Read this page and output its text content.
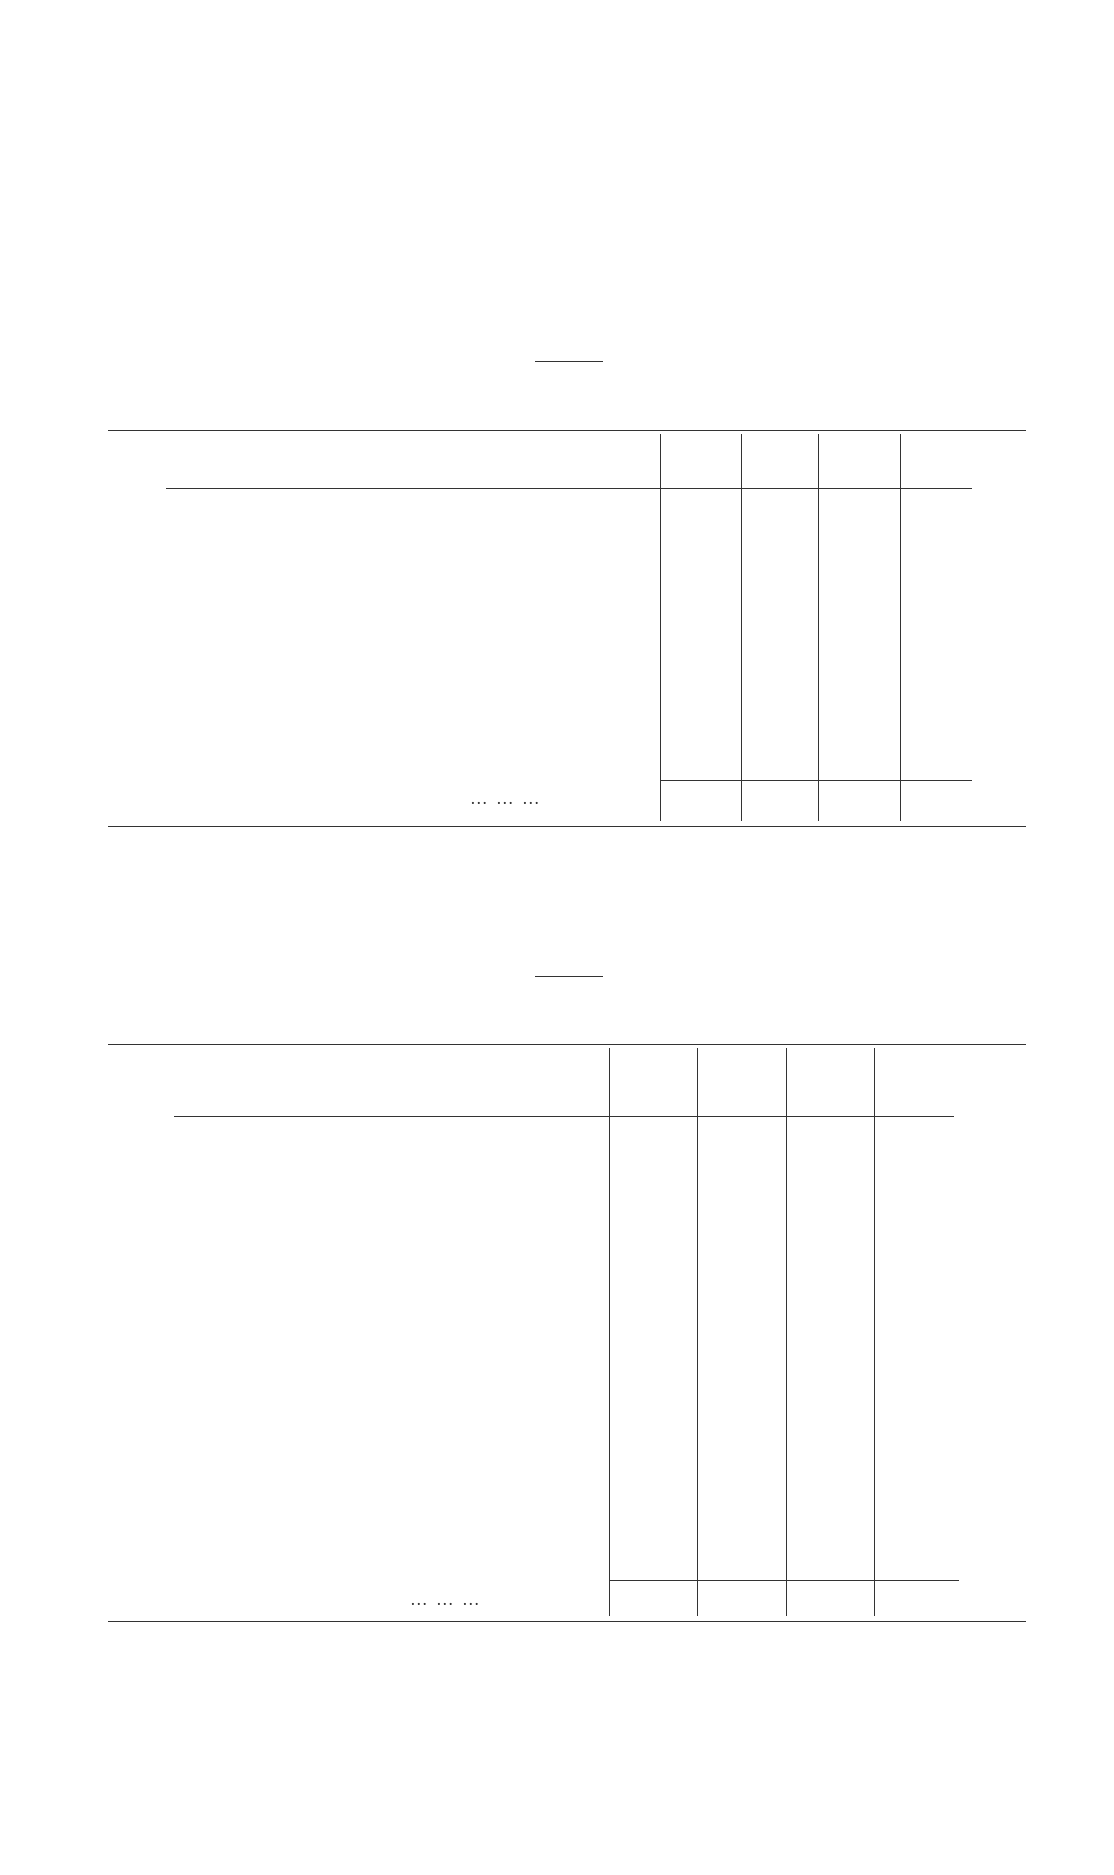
… … …

… … …
